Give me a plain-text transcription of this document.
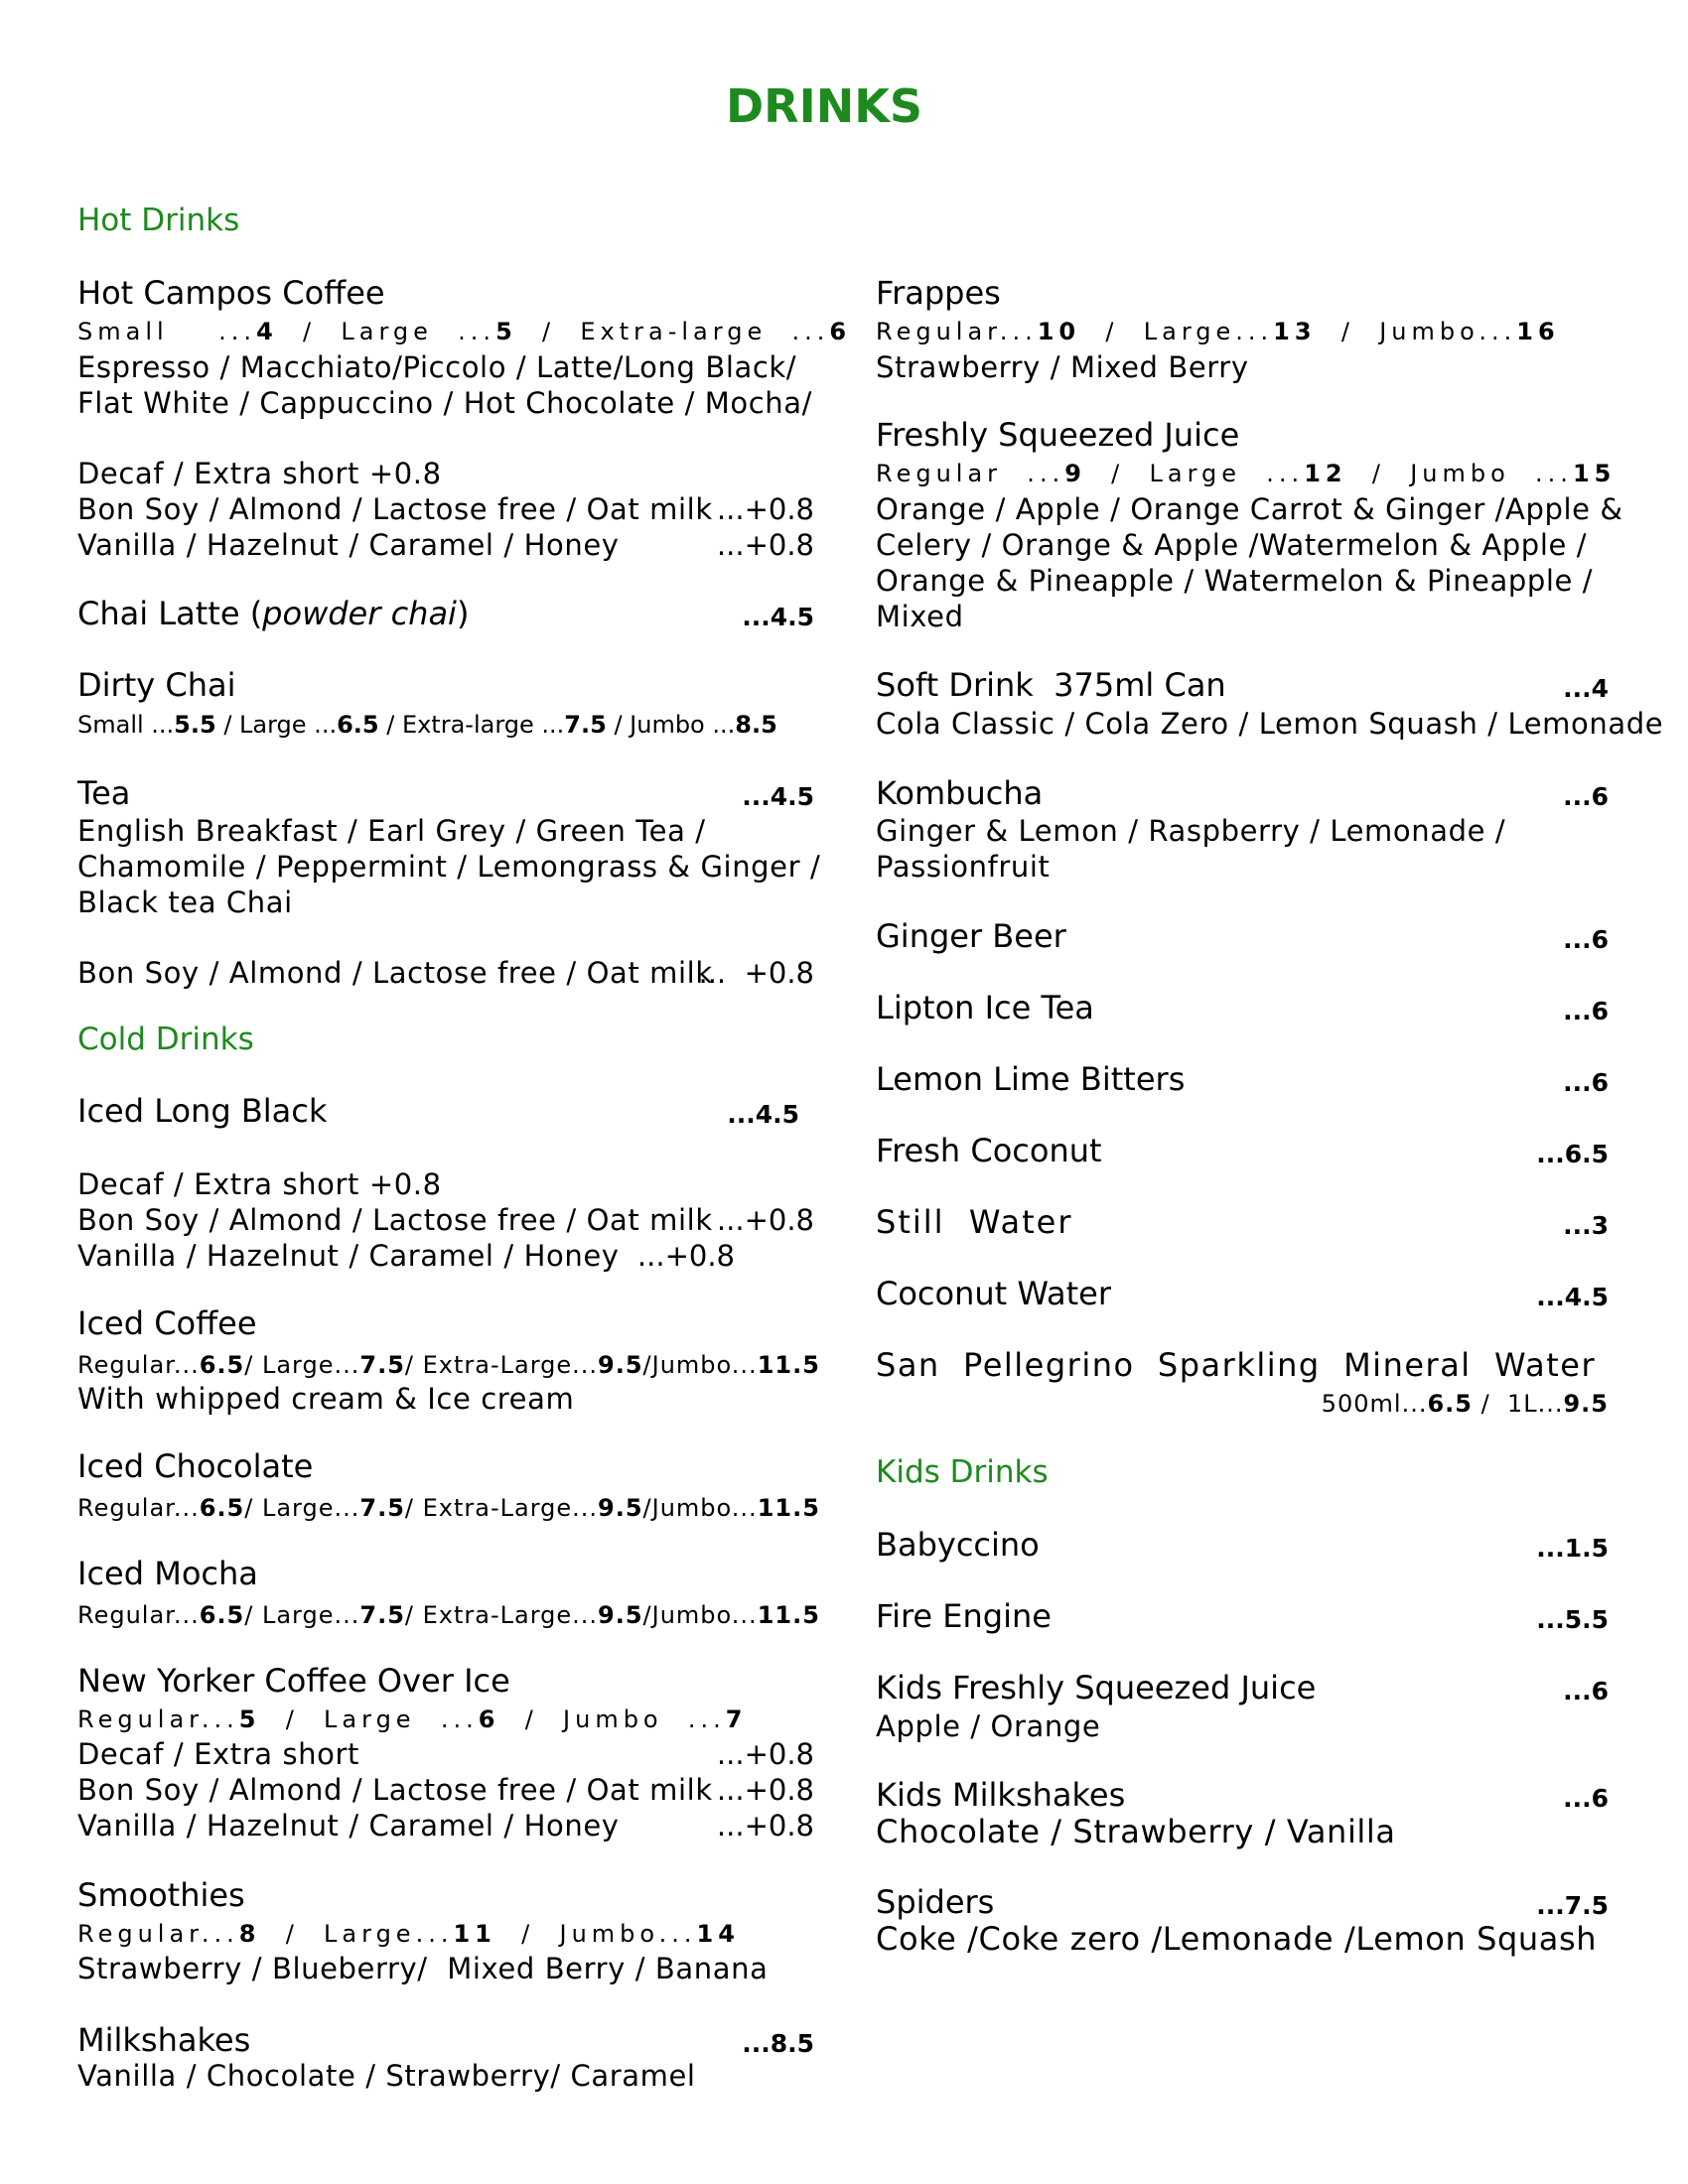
DRINKS
Hot Drinks
Hot Campos Coffee
Small    ...4  /  Large  ...5  /  Extra-large  ...6
Espresso / Macchiato/Piccolo / Latte/Long Black/
Flat White / Cappuccino / Hot Chocolate / Mocha/
Decaf / Extra short +0.8
Bon Soy / Almond / Lactose free / Oat milk ...+0.8
Vanilla / Hazelnut / Caramel / Honey	...+0.8
Chai Latte (powder chai)	...4.5
Dirty Chai
Small ...5.5 / Large ...6.5 / Extra-large ...7.5 / Jumbo ...8.5
Tea	...4.5
English Breakfast / Earl Grey / Green Tea /
Chamomile / Peppermint / Lemongrass & Ginger /
Black tea Chai
Bon Soy / Almond / Lactose free / Oat milk
...  +0.8
Cold Drinks
Iced Long Black	...4.5
Decaf / Extra short +0.8
Bon Soy / Almond / Lactose free / Oat milk ...+0.8
Vanilla / Hazelnut / Caramel / Honey ...+0.8
Iced Coffee
Regular...6.5/ Large...7.5/ Extra-Large...9.5/Jumbo...11.5
With whipped cream & Ice cream
Iced Chocolate
Regular...6.5/ Large...7.5/ Extra-Large...9.5/Jumbo...11.5
Iced Mocha
Regular...6.5/ Large...7.5/ Extra-Large...9.5/Jumbo...11.5
New Yorker Coffee Over Ice
Regular...5 /  Large  ...6 /  Jumbo  ...7
Decaf / Extra short	...+0.8
Bon Soy / Almond / Lactose free / Oat milk ...+0.8
Vanilla / Hazelnut / Caramel / Honey	...+0.8
Smoothies
Regular...8 /  Large...11 /  Jumbo...14
Strawberry / Blueberry/  Mixed Berry / Banana
Milkshakes	...8.5
Vanilla / Chocolate / Strawberry/ Caramel
Frappes
Regular...10 /  Large...13 /  Jumbo...16
Strawberry / Mixed Berry
Freshly Squeezed Juice
Regular  ...9 /  Large  ...12 /  Jumbo  ...15
Orange / Apple / Orange Carrot & Ginger /Apple &
Celery / Orange & Apple /Watermelon & Apple /
Orange & Pineapple / Watermelon & Pineapple /
Mixed
Soft Drink  375ml Can	...4
Cola Classic / Cola Zero / Lemon Squash / Lemonade
Kombucha	...6
Ginger & Lemon / Raspberry / Lemonade /
Passionfruit
Ginger Beer	...6
Lipton Ice Tea	...6
Lemon Lime Bitters	...6
Fresh Coconut	...6.5
Still  Water	...3
Coconut Water	...4.5
San  Pellegrino  Sparkling  Mineral  Water
500ml...6.5 /  1L...9.5
Kids Drinks
Babyccino	...1.5
Fire Engine	...5.5
Kids Freshly Squeezed Juice	...6
Apple / Orange
Kids Milkshakes	...6
Chocolate / Strawberry / Vanilla
Spiders	...7.5
Coke /Coke zero /Lemonade /Lemon Squash
